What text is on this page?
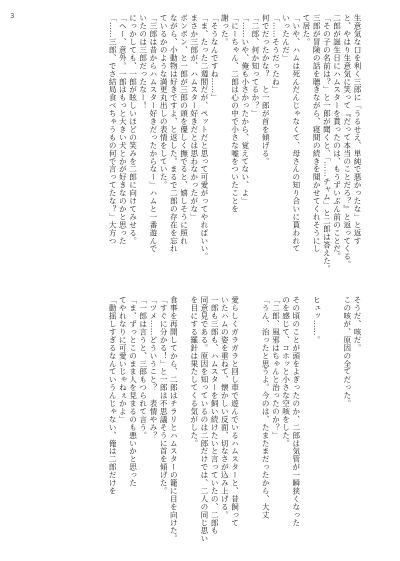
3	生意気な口を利く三郎に「うるせえ、単純で悪かったな」と返す
と、やはり生意気に笑って『だって本当のことだろ？』と返ってくる。
二郎が誕生日にハムスターを貰ったのは、もうずいぶん前のことだ。
「その子の名前は？」と一郎が聞くと、「……チャム」と二郎は答えた。
三郎が冒険の話を聴きながら、寝間の続きを聞かせてくれそうにし
て居た。
「いや、ハムは死んだんじゃなくて、母さんの知り合いに貰われて
いったんだ」
「……そうだったね」
何でだったかな？　と一郎が首を傾げる。
「二郎、何か知ってるか？」
「……いや、俺も小さかったから、覚えてない、よ」
「にーちゃん、二郎は心の中で小さな嘘をついたことを
謝った。
「そうなんですね……」
「ま、たった二週間だが、ペットだと思って可愛がってやればいい。
まさか三郎が、ハムスター好きだとは思わなかったがな」
ボンボン、と一郎が三郎の頭を優しく撫でると、嬉しそうに照れ
ながら、小動物は好きですよ、と返した。まるで二郎の存在を忘れ
ているかのような満更丸出しの表情をしていた。
「三郎は昔からハムスター好きだったからなー」ハムと一番遊んで
いたのは三郎だったなー！
にっかしても、一郎が眩しいほどの笑みを二郎に向けてみせる。
「ヘー、意外。一郎はもっと大きい犬とかが好きなのかと思った
「……三郎、でさ結局食べちゃうもの何で言ってたな？」大方つ
そうだ、咳だ。
この咳が、原因の全てだった。

ヒュッ……。

その頃のことが頭をよぎったのか、二郎は気管が一瞬狭くなった
のを感じて、コホッと小さな空咳をした。
「二郎、風邪はちゃんと治ったのか？」
「うん、治ったと思うよ。今のは、たまたまだったから、大丈

愛らしくガラガラと回し車で遊んでいるハムスターと、昔飼って
いたハムの姿を重ねて、懐かしい反面、切なさが込み上げる。
一郎も三郎も、ハムスターを飼い続けたいと言っていたの、二郎も
同意見である。原因を知っているのは二郎だけでは、二人の同じ思い
を目にする羅針は果たしてくる気がした。

食事を再開してから、二郎はチラリとハムスターの籠に目を向けた。
「すぐに分かる！」と一郎は不思議そうに首を傾げた。
「ツメ……どういうこと？　表情やみ？
「一郎は言うと、三郎もつられて言う。
「ま、ずっとこのまま人を見まるのも悪いかと思った
てやれなりに可愛いじゃねぇかよ」
「動揺しすぎるなんていうんじゃない、俺は二郎だけを
